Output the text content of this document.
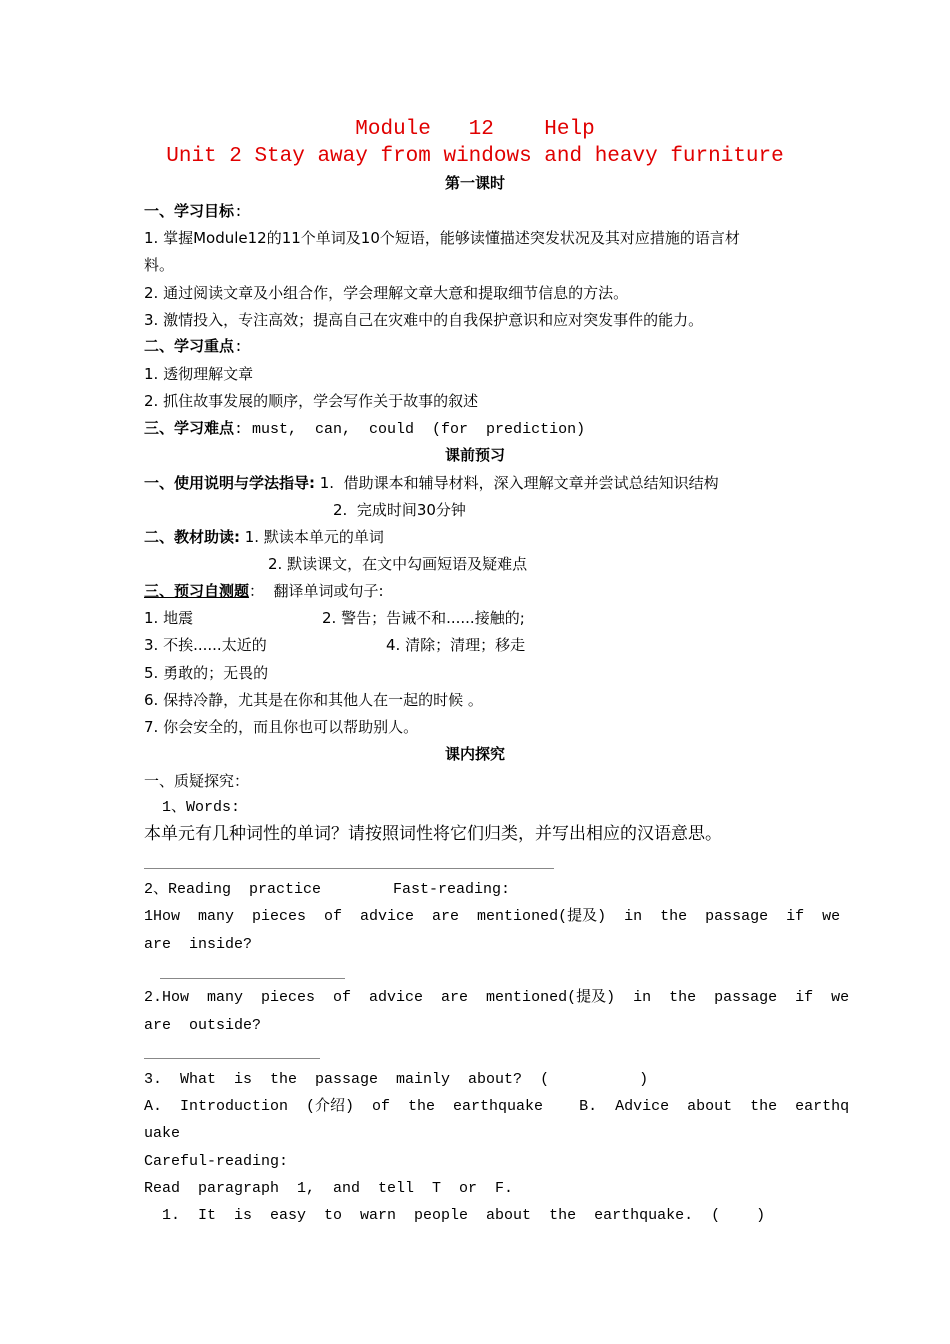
Module   12    Help
Unit 2 Stay away from windows and heavy furniture
第一课时
一、学习目标:
1. 掌握Module12的11个单词及10个短语，能够读懂描述突发状况及其对应措施的语言材
料。
2. 通过阅读文章及小组合作，学会理解文章大意和提取细节信息的方法。
3. 激情投入，专注高效；提高自己在灾难中的自我保护意识和应对突发事件的能力。
二、学习重点:
1. 透彻理解文章
2. 抓住故事发展的顺序，学会写作关于故事的叙述
三、学习难点: must,  can,  could  (for  prediction)
课前预习
一、使用说明与学法指导: 1.  借助课本和辅导材料，深入理解文章并尝试总结知识结构
2.  完成时间30分钟
二、教材助读: 1. 默读本单元的单词
2. 默读课文，在文中勾画短语及疑难点
三、预习自测题：  翻译单词或句子:
1. 地震	2. 警告；告诫不和......接触的;
3. 不挨......太近的	4. 清除；清理；移走
5. 勇敢的；无畏的
6. 保持冷静，尤其是在你和其他人在一起的时候 。
7. 你会安全的，而且你也可以帮助别人。
课内探究
一、质疑探究：
1、Words:
本单元有几种词性的单词？请按照词性将它们归类，并写出相应的汉语意思。
2、Reading  practice        Fast-reading:
1How  many  pieces  of  advice  are  mentioned(提及)  in  the  passage  if  we
are  inside?
2.How  many  pieces  of  advice  are  mentioned(提及)  in  the  passage  if  we
are  outside?
3.  What  is  the  passage  mainly  about?  (          )
A.  Introduction  (介绍)  of  the  earthquake    B.  Advice  about  the  earthq
uake
Careful-reading:
Read  paragraph  1,  and  tell  T  or  F.
1.  It  is  easy  to  warn  people  about  the  earthquake.  (    )
